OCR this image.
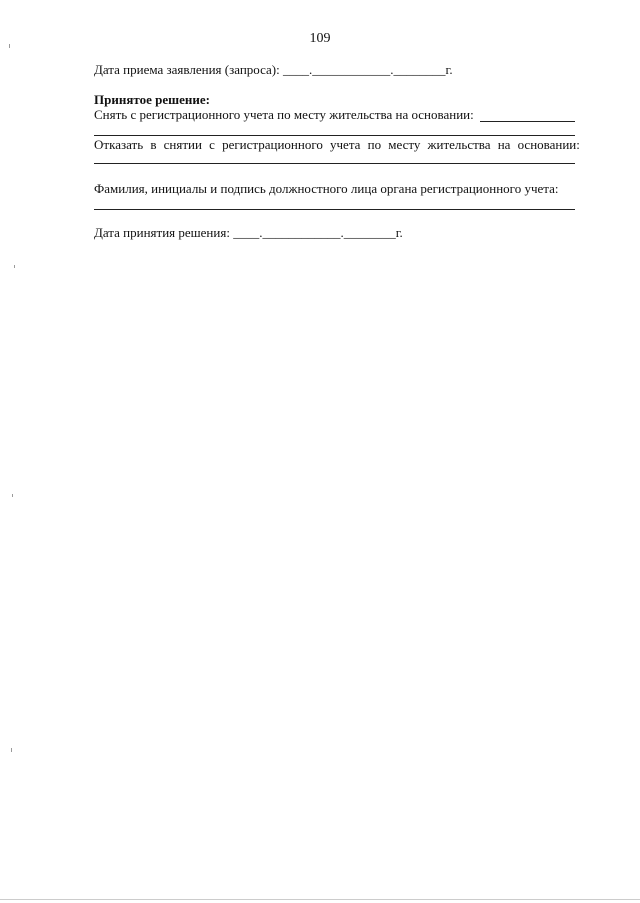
109
Дата приема заявления (запроса): ____.____________.________г.
Принятое решение:
Снять с регистрационного учета по месту жительства на основании:
Отказать в снятии с регистрационного учета по месту жительства на основании:
Фамилия, инициалы и подпись должностного лица органа регистрационного учета:
Дата принятия решения: ____.____________.________г.
